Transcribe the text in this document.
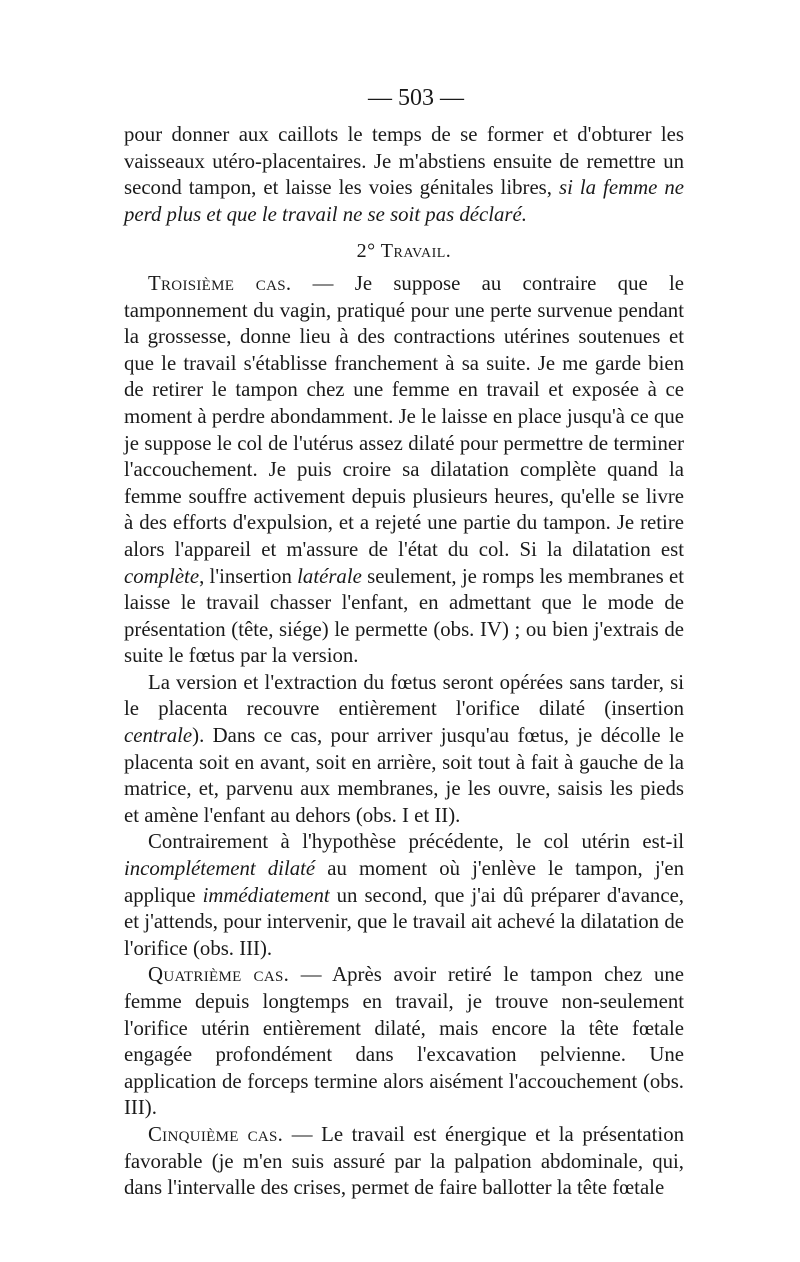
— 503 —

pour donner aux caillots le temps de se former et d'obturer les vaisseaux utéro-placentaires. Je m'abstiens ensuite de remettre un second tampon, et laisse les voies génitales libres, si la femme ne perd plus et que le travail ne se soit pas déclaré.

2° Travail.

Troisième cas. — Je suppose au contraire que le tamponnement du vagin, pratiqué pour une perte survenue pendant la grossesse, donne lieu à des contractions utérines soutenues et que le travail s'établisse franchement à sa suite. Je me garde bien de retirer le tampon chez une femme en travail et exposée à ce moment à perdre abondamment. Je le laisse en place jusqu'à ce que je suppose le col de l'utérus assez dilaté pour permettre de terminer l'accouchement. Je puis croire sa dilatation complète quand la femme souffre activement depuis plusieurs heures, qu'elle se livre à des efforts d'expulsion, et a rejeté une partie du tampon. Je retire alors l'appareil et m'assure de l'état du col. Si la dilatation est complète, l'insertion latérale seulement, je romps les membranes et laisse le travail chasser l'enfant, en admettant que le mode de présentation (tête, siége) le permette (obs. IV) ; ou bien j'extrais de suite le fœtus par la version.

La version et l'extraction du fœtus seront opérées sans tarder, si le placenta recouvre entièrement l'orifice dilaté (insertion centrale). Dans ce cas, pour arriver jusqu'au fœtus, je décolle le placenta soit en avant, soit en arrière, soit tout à fait à gauche de la matrice, et, parvenu aux membranes, je les ouvre, saisis les pieds et amène l'enfant au dehors (obs. I et II).

Contrairement à l'hypothèse précédente, le col utérin est-il incomplétement dilaté au moment où j'enlève le tampon, j'en applique immédiatement un second, que j'ai dû préparer d'avance, et j'attends, pour intervenir, que le travail ait achevé la dilatation de l'orifice (obs. III).

Quatrième cas. — Après avoir retiré le tampon chez une femme depuis longtemps en travail, je trouve non-seulement l'orifice utérin entièrement dilaté, mais encore la tête fœtale engagée profondément dans l'excavation pelvienne. Une application de forceps termine alors aisément l'accouchement (obs. III).

Cinquième cas. — Le travail est énergique et la présentation favorable (je m'en suis assuré par la palpation abdominale, qui, dans l'intervalle des crises, permet de faire ballotter la tête fœtale
